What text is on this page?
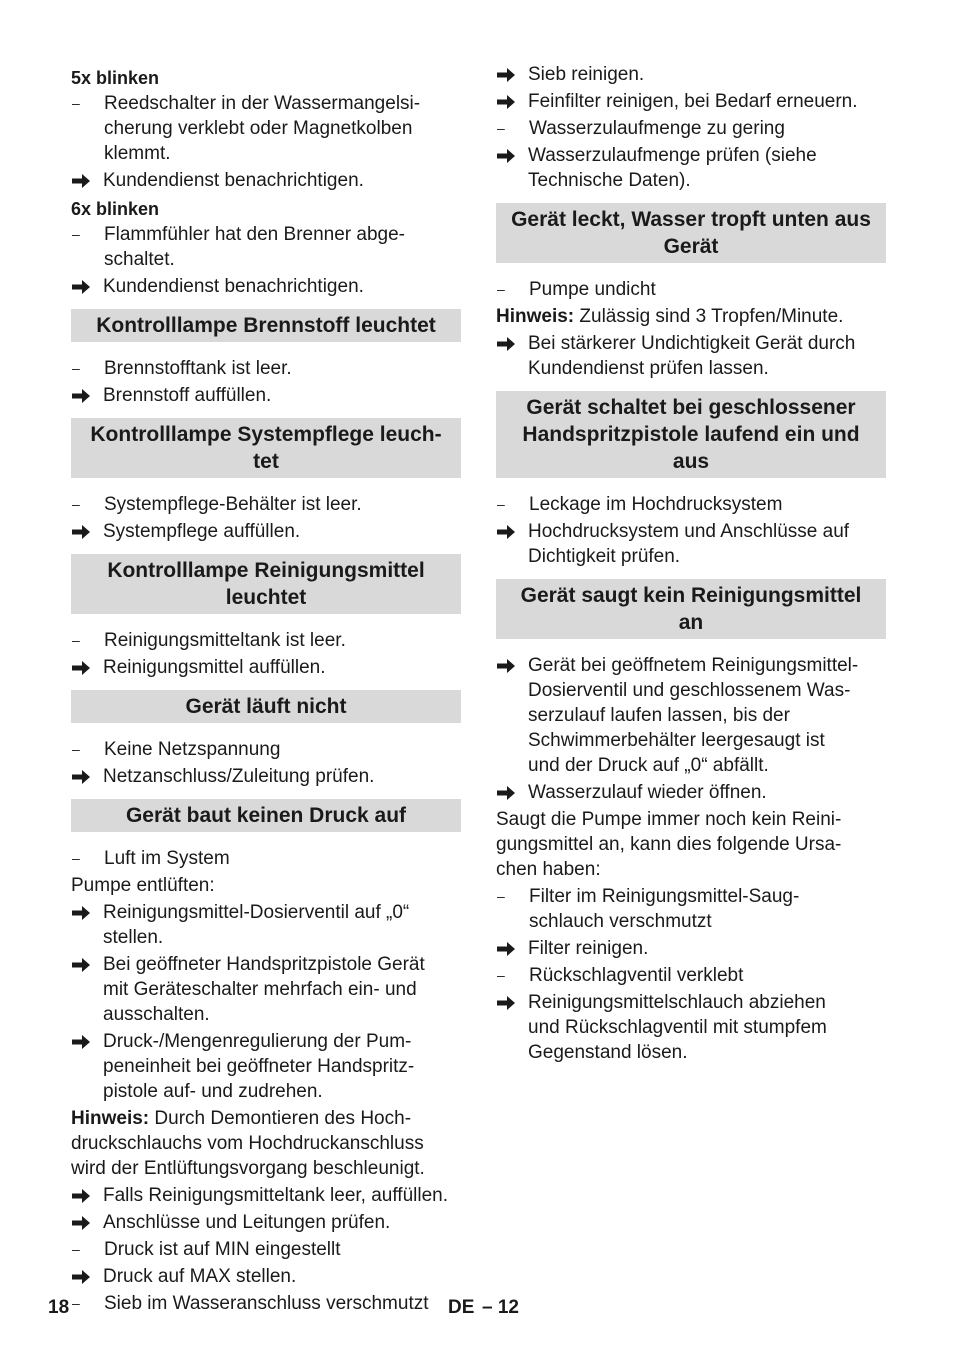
5x blinken
–	Reedschalter in der Wassermangelsi-
cherung verklebt oder Magnetkolben
klemmt.
Kundendienst benachrichtigen.
6x blinken
–	Flammfühler hat den Brenner abge-
schaltet.
Kundendienst benachrichtigen.
Kontrolllampe Brennstoff leuchtet
–	Brennstofftank ist leer.
Brennstoff auffüllen.
Kontrolllampe Systempflege leuch-
tet
–	Systempflege-Behälter ist leer.
Systempflege auffüllen.
Kontrolllampe Reinigungsmittel
leuchtet
–	Reinigungsmitteltank ist leer.
Reinigungsmittel auffüllen.
Gerät läuft nicht
–	Keine Netzspannung
Netzanschluss/Zuleitung prüfen.
Gerät baut keinen Druck auf
–	Luft im System
Pumpe entlüften:
Reinigungsmittel-Dosierventil auf „0“
stellen.
Bei geöffneter Handspritzpistole Gerät
mit Geräteschalter mehrfach ein- und
ausschalten.
Druck-/Mengenregulierung der Pum-
peneinheit bei geöffneter Handspritz-
pistole auf- und zudrehen.
Hinweis: Durch Demontieren des Hoch-
druckschlauchs vom Hochdruckanschluss
wird der Entlüftungsvorgang beschleunigt.
Falls Reinigungsmitteltank leer, auffüllen.
Anschlüsse und Leitungen prüfen.
–	Druck ist auf MIN eingestellt
Druck auf MAX stellen.
–	Sieb im Wasseranschluss verschmutzt
Sieb reinigen.
Feinfilter reinigen, bei Bedarf erneuern.
–	Wasserzulaufmenge zu gering
Wasserzulaufmenge prüfen (siehe
Technische Daten).
Gerät leckt, Wasser tropft unten aus
Gerät
–	Pumpe undicht
Hinweis: Zulässig sind 3 Tropfen/Minute.
Bei stärkerer Undichtigkeit Gerät durch
Kundendienst prüfen lassen.
Gerät schaltet bei geschlossener
Handspritzpistole laufend ein und
aus
–	Leckage im Hochdrucksystem
Hochdrucksystem und Anschlüsse auf
Dichtigkeit prüfen.
Gerät saugt kein Reinigungsmittel
an
Gerät bei geöffnetem Reinigungsmittel-
Dosierventil und geschlossenem Was-
serzulauf laufen lassen, bis der
Schwimmerbehälter leergesaugt ist
und der Druck auf „0“ abfällt.
Wasserzulauf wieder öffnen.
Saugt die Pumpe immer noch kein Reini-
gungsmittel an, kann dies folgende Ursa-
chen haben:
–	Filter im Reinigungsmittel-Saug-
schlauch verschmutzt
Filter reinigen.
–	Rückschlagventil verklebt
Reinigungsmittelschlauch abziehen
und Rückschlagventil mit stumpfem
Gegenstand lösen.
18	DE – 12
